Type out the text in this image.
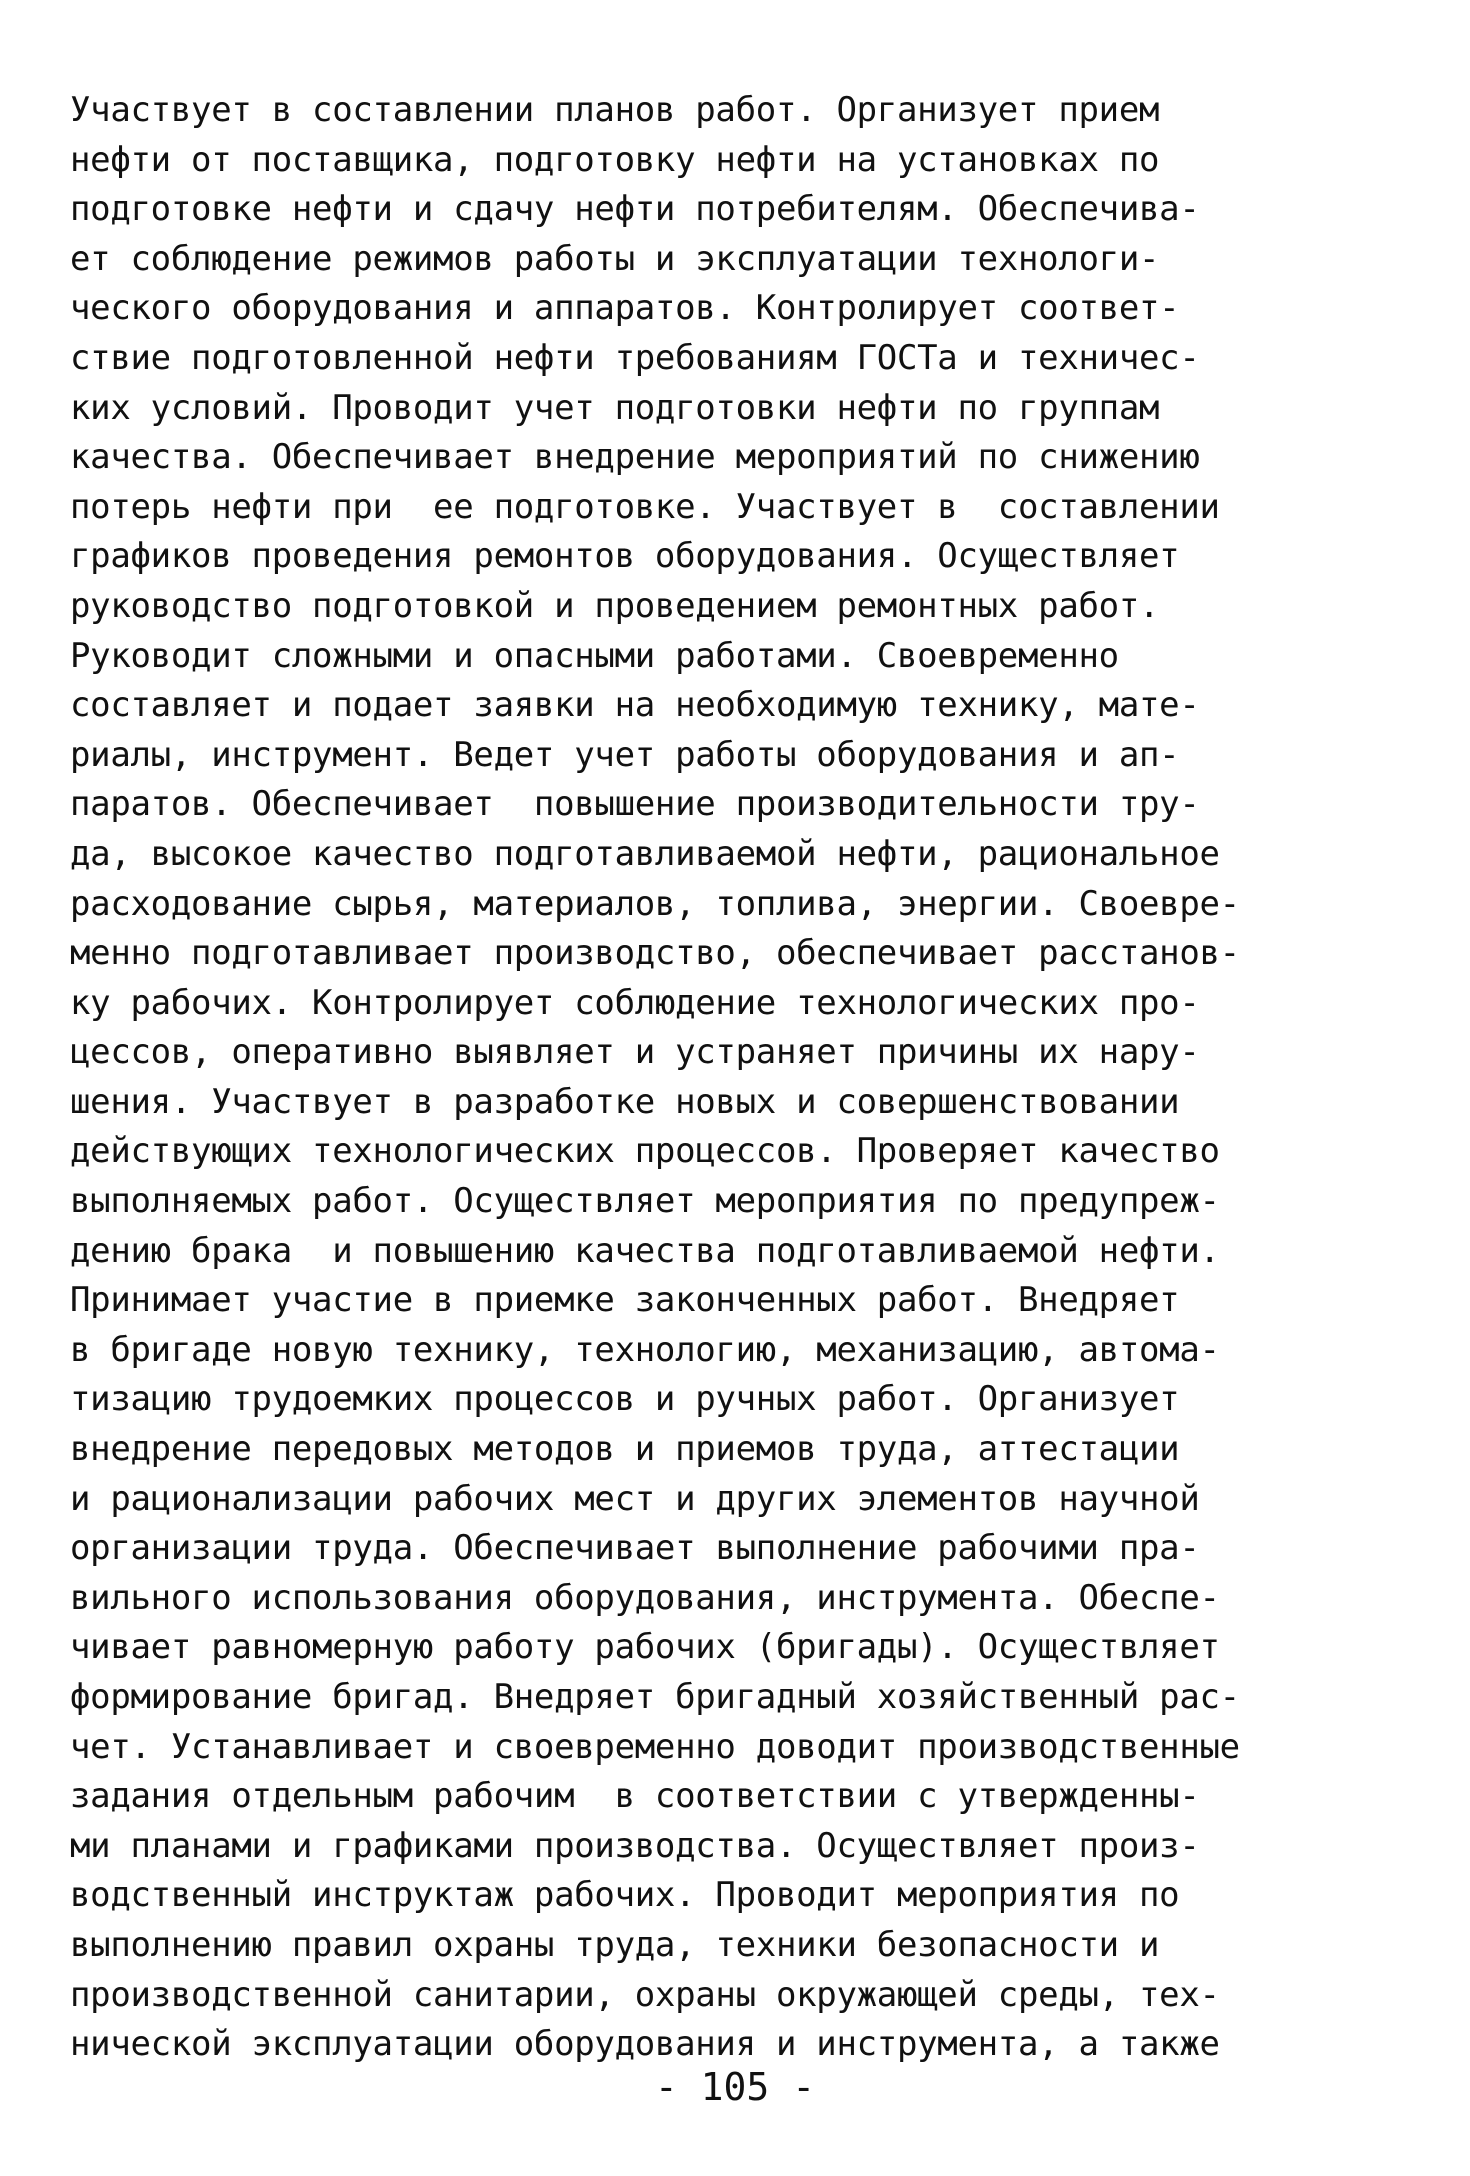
Участвует в составлении планов работ. Организует прием
нефти от поставщика, подготовку нефти на установках по
подготовке нефти и сдачу нефти потребителям. Обеспечива-
ет соблюдение режимов работы и эксплуатации технологи-
ческого оборудования и аппаратов. Контролирует соответ-
ствие подготовленной нефти требованиям ГОСТа и техничес-
ких условий. Проводит учет подготовки нефти по группам
качества. Обеспечивает внедрение мероприятий по снижению
потерь нефти при  ее подготовке. Участвует в  составлении
графиков проведения ремонтов оборудования. Осуществляет
руководство подготовкой и проведением ремонтных работ.
Руководит сложными и опасными работами. Своевременно
составляет и подает заявки на необходимую технику, мате-
риалы, инструмент. Ведет учет работы оборудования и ап-
паратов. Обеспечивает  повышение производительности тру-
да, высокое качество подготавливаемой нефти, рациональное
расходование сырья, материалов, топлива, энергии. Своевре-
менно подготавливает производство, обеспечивает расстанов-
ку рабочих. Контролирует соблюдение технологических про-
цессов, оперативно выявляет и устраняет причины их нару-
шения. Участвует в разработке новых и совершенствовании
действующих технологических процессов. Проверяет качество
выполняемых работ. Осуществляет мероприятия по предупреж-
дению брака  и повышению качества подготавливаемой нефти.
Принимает участие в приемке законченных работ. Внедряет
в бригаде новую технику, технологию, механизацию, автома-
тизацию трудоемких процессов и ручных работ. Организует
внедрение передовых методов и приемов труда, аттестации
и рационализации рабочих мест и других элементов научной
организации труда. Обеспечивает выполнение рабочими пра-
вильного использования оборудования, инструмента. Обеспе-
чивает равномерную работу рабочих (бригады). Осуществляет
формирование бригад. Внедряет бригадный хозяйственный рас-
чет. Устанавливает и своевременно доводит производственные
задания отдельным рабочим  в соответствии с утвержденны-
ми планами и графиками производства. Осуществляет произ-
водственный инструктаж рабочих. Проводит мероприятия по
выполнению правил охраны труда, техники безопасности и
производственной санитарии, охраны окружающей среды, тех-
нической эксплуатации оборудования и инструмента, а также
- 105 -
